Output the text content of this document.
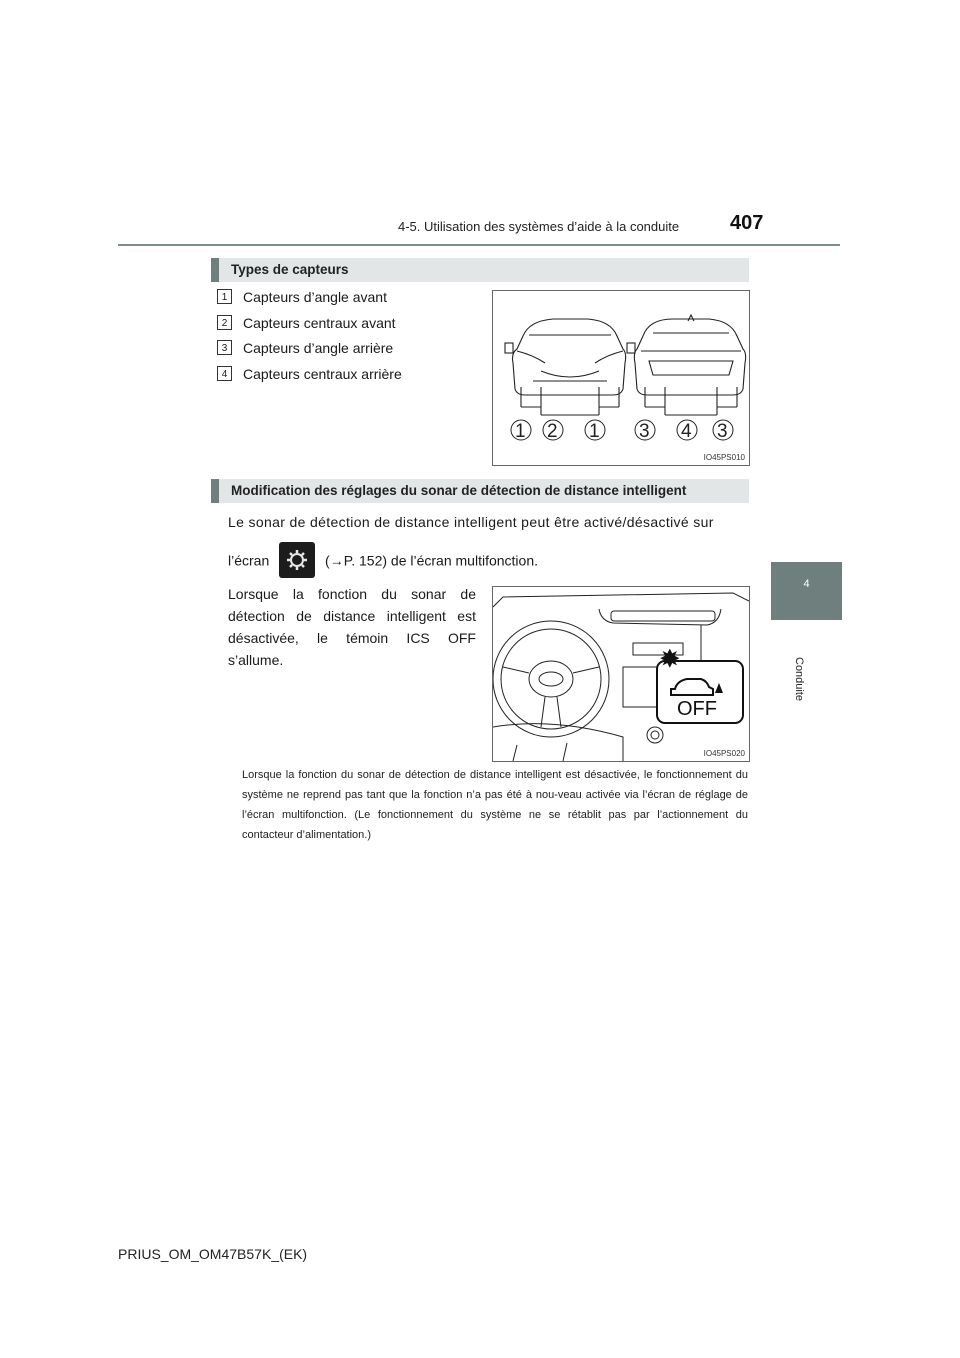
4-5. Utilisation des systèmes d’aide à la conduite	407
4
Conduite
Types de capteurs
1	Capteurs d’angle avant
2	Capteurs centraux avant
3	Capteurs d’angle arrière
4	Capteurs centraux arrière
1 2 1 3 4 3
IO45PS010
Modification des réglages du sonar de détection de distance intelligent
Le sonar de détection de distance intelligent peut être activé/désactivé sur
l’écran	(→P. 152) de l’écran multifonction.
Lorsque la fonction du sonar de
détection de distance intelligent est
désactivée, le témoin ICS OFF
s’allume.
OFF
IO45PS020
Lorsque la fonction du sonar de détection de distance intelligent est désactivée, le fonctionnement du système ne reprend pas tant que la fonction n’a pas été à nou-veau activée via l’écran de réglage de l’écran multifonction. (Le fonctionnement du système ne se rétablit pas par l’actionnement du contacteur d’alimentation.)
PRIUS_OM_OM47B57K_(EK)
